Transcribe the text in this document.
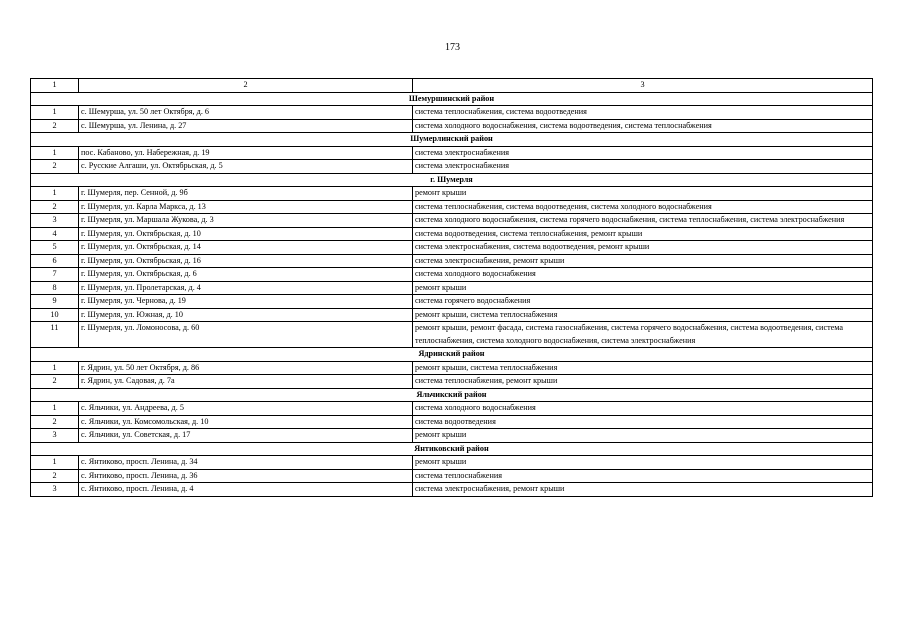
173
1	2	3
Шемуршинский район		
1	с. Шемурша, ул. 50 лет Октября, д. 6	система теплоснабжения, система водоотведения
2	с. Шемурша, ул. Ленина, д. 27	система холодного водоснабжения, система водоотведения, система теплоснабжения
Шумерлинский район		
1	пос. Кабаново, ул. Набережная, д. 19	система электроснабжения
2	с. Русские Алгаши, ул. Октябрьская, д. 5	система электроснабжения
г. Шумерля		
1	г. Шумерля, пер. Сенной, д. 9б	ремонт крыши
2	г. Шумерля, ул. Карла Маркса, д. 13	система теплоснабжения, система водоотведения, система холодного водоснабжения
3	г. Шумерля, ул. Маршала Жукова, д. 3	система холодного водоснабжения, система горячего водоснабжения, система теплоснабжения, система электроснабжения
4	г. Шумерля, ул. Октябрьская, д. 10	система водоотведения, система теплоснабжения, ремонт крыши
5	г. Шумерля, ул. Октябрьская, д. 14	система электроснабжения, система водоотведения, ремонт крыши
6	г. Шумерля, ул. Октябрьская, д. 16	система электроснабжения, ремонт крыши
7	г. Шумерля, ул. Октябрьская, д. 6	система холодного водоснабжения
8	г. Шумерля, ул. Пролетарская, д. 4	ремонт крыши
9	г. Шумерля, ул. Чернова, д. 19	система горячего водоснабжения
10	г. Шумерля, ул. Южная, д. 10	ремонт крыши, система теплоснабжения
11	г. Шумерля, ул. Ломоносова, д. 60	ремонт крыши, ремонт фасада, система газоснабжения, система горячего водоснабжения, система водоотведения, система теплоснабжения, система холодного водоснабжения, система электроснабжения
Ядринский район		
1	г. Ядрин, ул. 50 лет Октября, д. 86	ремонт крыши, система теплоснабжения
2	г. Ядрин, ул. Садовая, д. 7а	система теплоснабжения, ремонт крыши
Яльчикский район		
1	с. Яльчики, ул. Андреева, д. 5	система холодного водоснабжения
2	с. Яльчики, ул. Комсомольская, д. 10	система водоотведения
3	с. Яльчики, ул. Советская, д. 17	ремонт крыши
Янтиковский район		
1	с. Янтиково, просп. Ленина, д. 34	ремонт крыши
2	с. Янтиково, просп. Ленина, д. 36	система теплоснабжения
3	с. Янтиково, просп. Ленина, д. 4	система электроснабжения, ремонт крыши
